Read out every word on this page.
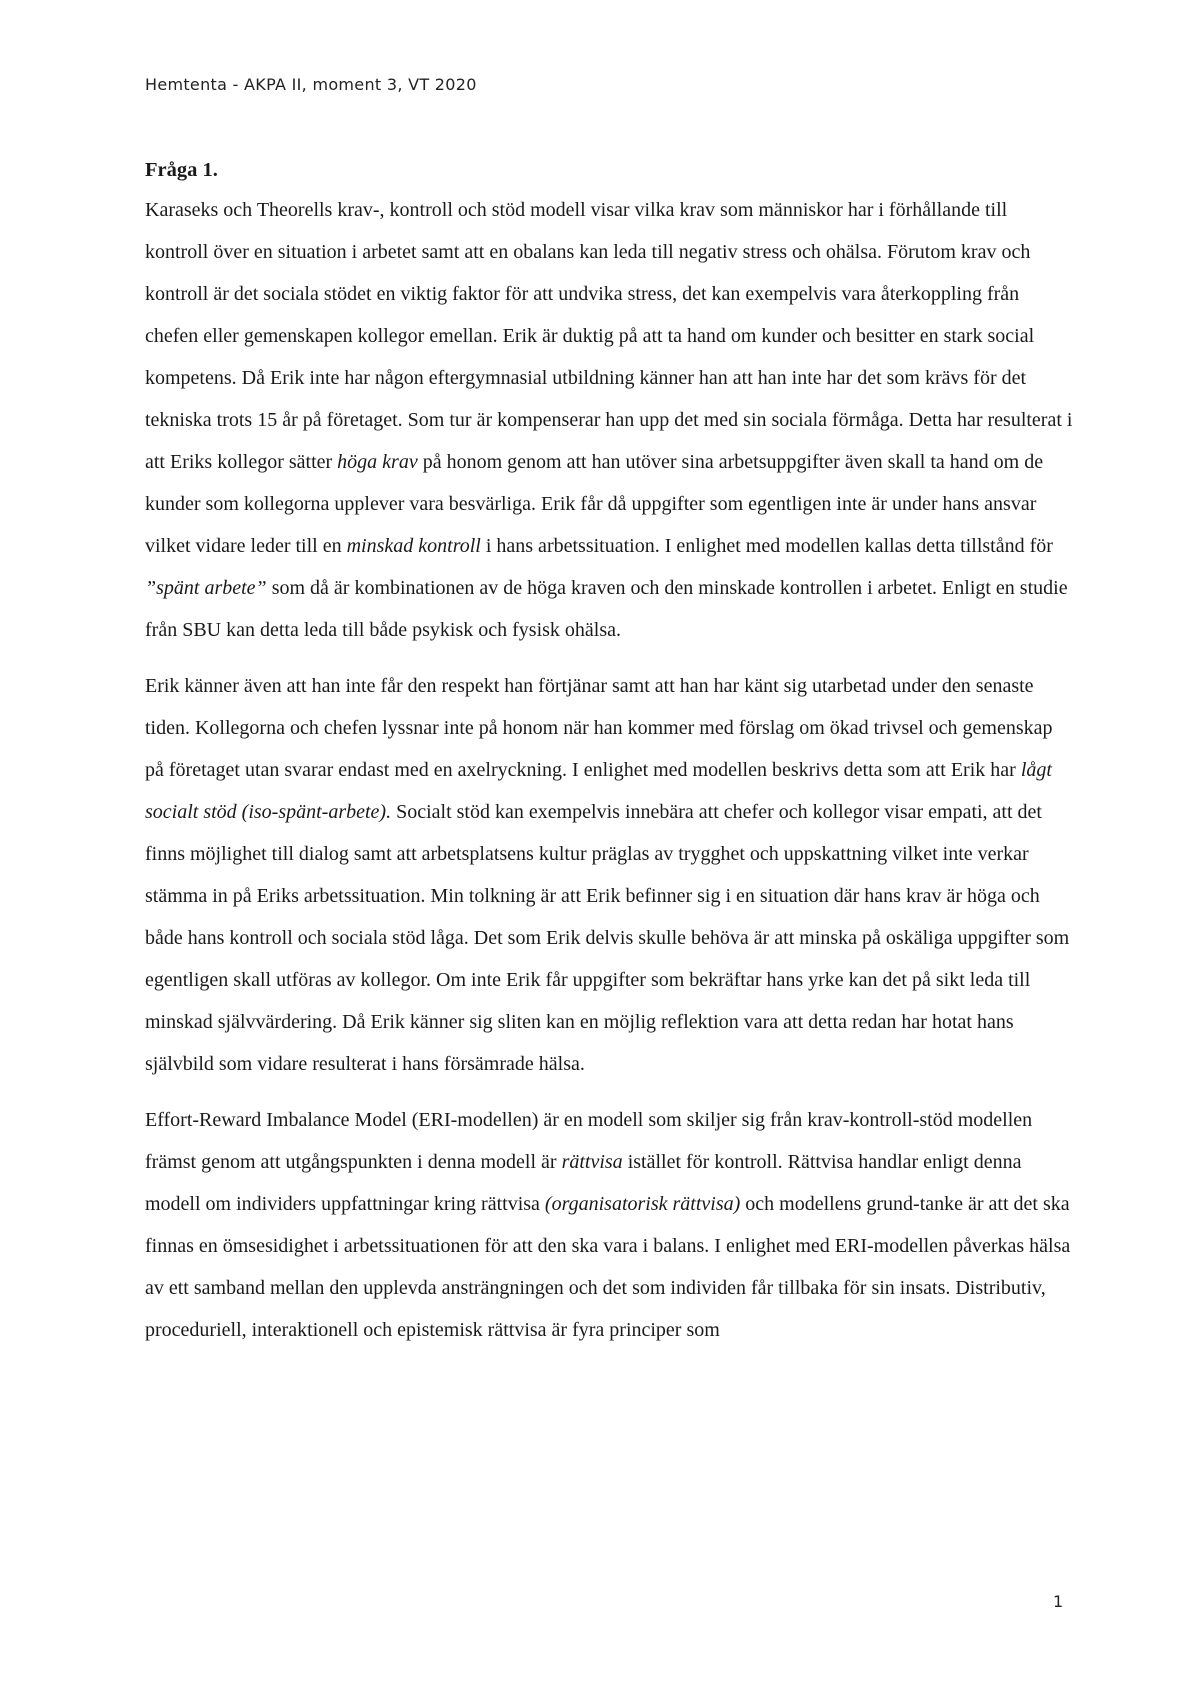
Hemtenta - AKPA II, moment 3, VT 2020
Fråga 1.

Karaseks och Theorells krav-, kontroll och stöd modell visar vilka krav som människor har i förhållande till kontroll över en situation i arbetet samt att en obalans kan leda till negativ stress och ohälsa. Förutom krav och kontroll är det sociala stödet en viktig faktor för att undvika stress, det kan exempelvis vara återkoppling från chefen eller gemenskapen kollegor emellan. Erik är duktig på att ta hand om kunder och besitter en stark social kompetens. Då Erik inte har någon eftergymnasial utbildning känner han att han inte har det som krävs för det tekniska trots 15 år på företaget. Som tur är kompenserar han upp det med sin sociala förmåga. Detta har resulterat i att Eriks kollegor sätter höga krav på honom genom att han utöver sina arbetsuppgifter även skall ta hand om de kunder som kollegorna upplever vara besvärliga. Erik får då uppgifter som egentligen inte är under hans ansvar vilket vidare leder till en minskad kontroll i hans arbetssituation. I enlighet med modellen kallas detta tillstånd för ”spänt arbete” som då är kombinationen av de höga kraven och den minskade kontrollen i arbetet. Enligt en studie från SBU kan detta leda till både psykisk och fysisk ohälsa.

Erik känner även att han inte får den respekt han förtjänar samt att han har känt sig utarbetad under den senaste tiden. Kollegorna och chefen lyssnar inte på honom när han kommer med förslag om ökad trivsel och gemenskap på företaget utan svarar endast med en axelryckning. I enlighet med modellen beskrivs detta som att Erik har lågt socialt stöd (iso-spänt-arbete). Socialt stöd kan exempelvis innebära att chefer och kollegor visar empati, att det finns möjlighet till dialog samt att arbetsplatsens kultur präglas av trygghet och uppskattning vilket inte verkar stämma in på Eriks arbetssituation. Min tolkning är att Erik befinner sig i en situation där hans krav är höga och både hans kontroll och sociala stöd låga. Det som Erik delvis skulle behöva är att minska på oskäliga uppgifter som egentligen skall utföras av kollegor. Om inte Erik får uppgifter som bekräftar hans yrke kan det på sikt leda till minskad självvärdering. Då Erik känner sig sliten kan en möjlig reflektion vara att detta redan har hotat hans självbild som vidare resulterat i hans försämrade hälsa.

Effort-Reward Imbalance Model (ERI-modellen) är en modell som skiljer sig från krav-kontroll-stöd modellen främst genom att utgångspunkten i denna modell är rättvisa istället för kontroll. Rättvisa handlar enligt denna modell om individers uppfattningar kring rättvisa (organisatorisk rättvisa) och modellens grund-tanke är att det ska finnas en ömsesidighet i arbetssituationen för att den ska vara i balans. I enlighet med ERI-modellen påverkas hälsa av ett samband mellan den upplevda ansträngningen och det som individen får tillbaka för sin insats. Distributiv, proceduriell, interaktionell och epistemisk rättvisa är fyra principer som

1
